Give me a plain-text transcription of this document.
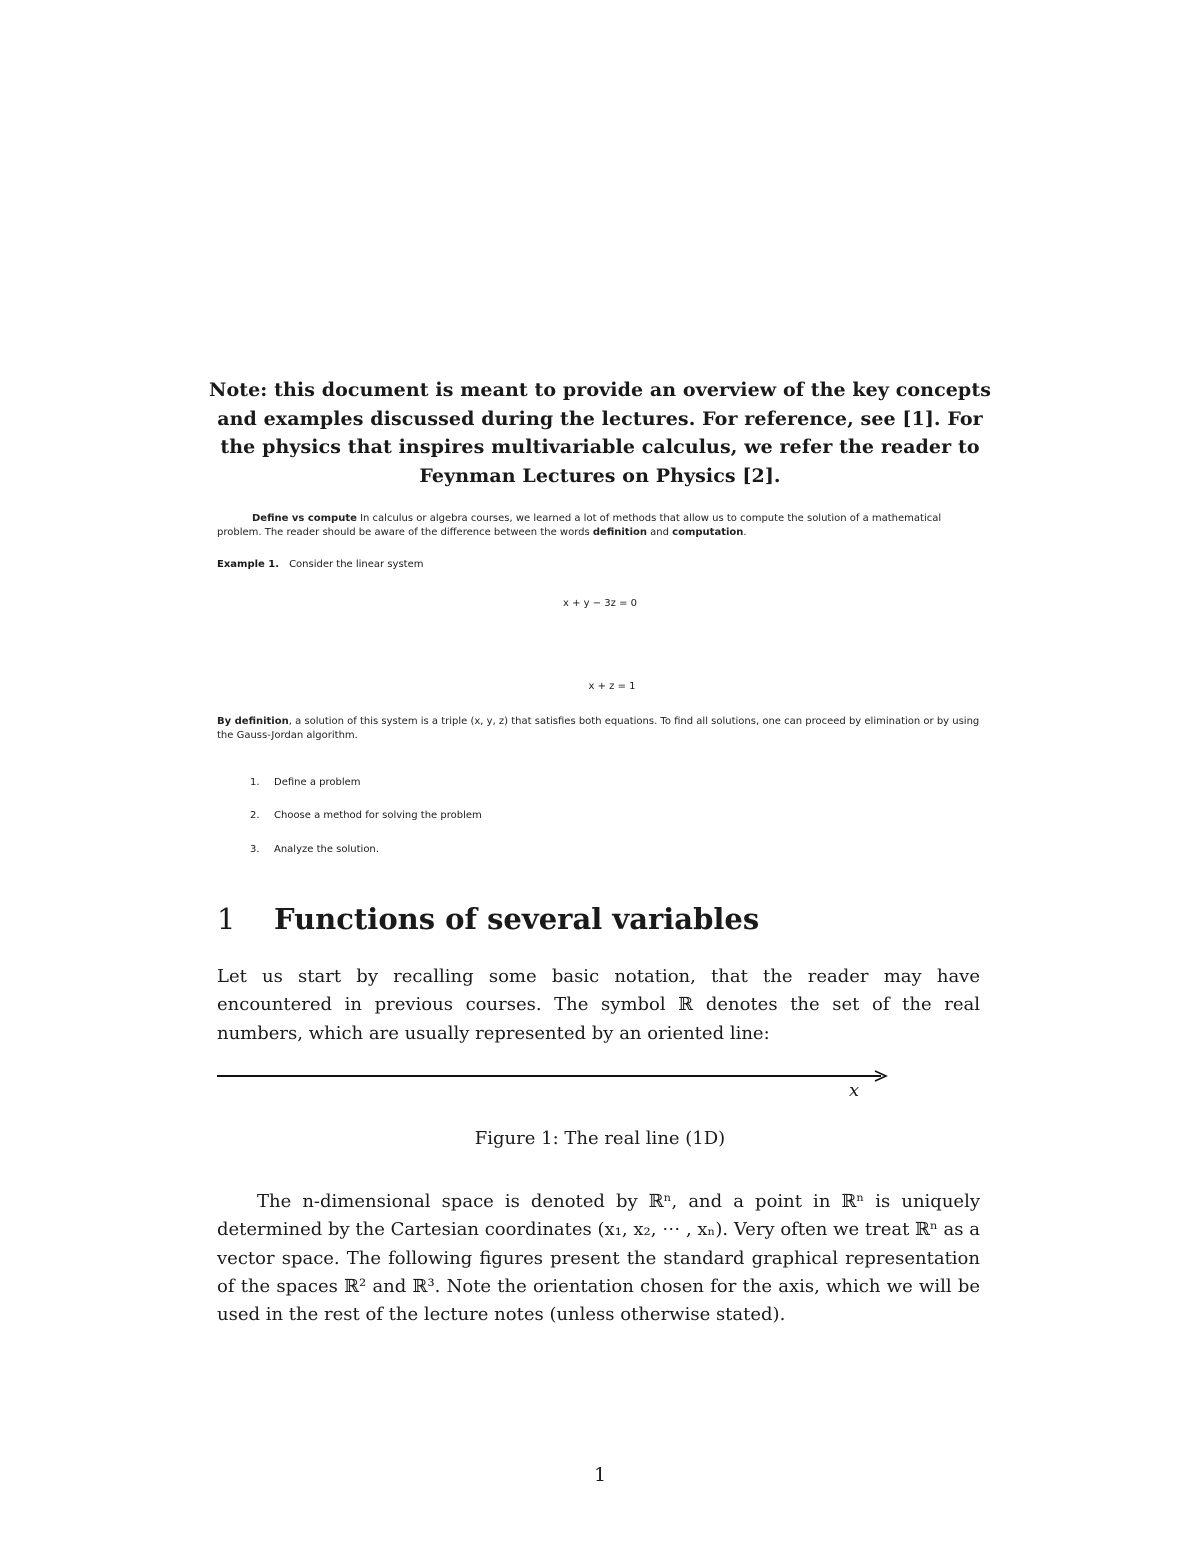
Note: this document is meant to provide an overview of the key concepts and examples discussed during the lectures. For reference, see [1]. For the physics that inspires multivariable calculus, we refer the reader to Feynman Lectures on Physics [2].
Define vs compute In calculus or algebra courses, we learned a lot of methods that allow us to compute the solution of a mathematical problem. The reader should be aware of the difference between the words definition and computation.
Example 1. Consider the linear system
x + y − 3z = 0
x + z = 1
By definition, a solution of this system is a triple (x, y, z) that satisfies both equations. To find all solutions, one can proceed by elimination or by using the Gauss-Jordan algorithm.
1. Define a problem
2. Choose a method for solving the problem
3. Analyze the solution.
1 Functions of several variables
Let us start by recalling some basic notation, that the reader may have encountered in previous courses. The symbol ℝ denotes the set of the real numbers, which are usually represented by an oriented line:
x
Figure 1: The real line (1D)
The n-dimensional space is denoted by ℝⁿ, and a point in ℝⁿ is uniquely determined by the Cartesian coordinates (x₁, x₂, ⋯ , xₙ). Very often we treat ℝⁿ as a vector space. The following figures present the standard graphical representation of the spaces ℝ² and ℝ³. Note the orientation chosen for the axis, which we will be used in the rest of the lecture notes (unless otherwise stated).
1
